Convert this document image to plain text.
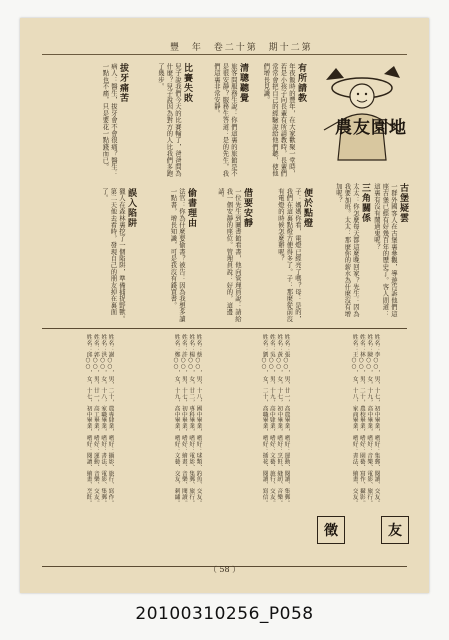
豐 年 卷二十第 期十二第
農友園地
古堡疑雲
一群外國客人在古堡裏參觀，導遊告訴他們這座古堡已經有好幾百年的歷史了。客人問道：這裏有沒有鬧過鬼呢？
三角關係
太太：你怎麼每天都這麼晚回家？先生：因為我要加班。太太：那麼你的薪水為什麼沒有增加呢？
有所請教
年夜飯時的豐年，在大家歡聚一堂時，若是小孩子向長輩有所請教時，長輩們常常會把自己的經驗說給他們聽，使他們增長見識。
便於點燈
子：媽媽你看，電燈已經亮了嗎？母：是的，我們在這裏點燈方便得多了。子：那麼從前沒有電燈的時候怎麼辦呢？
清聰聽覺
旅客問服務生說：你們這裏的旅館是不是很安靜？服務生答道：是的先生，我們這裏非常安靜。
借要安靜
一位先生到圖書館看書，他向管理員說：請給我一個安靜的座位。管理員說：好的，這邊請。
比賽失敗
兒子說我們今天的比賽輸了，爸爸問為什麼？兒子說因為對方的人比我們多跑了幾步。
偷書理由
法官：你為什麼要偷書？被告：因為我想多讀一點書，增長知識，可是我沒有錢買書。
拔牙痛苦
病人：醫生，拔牙會不會很痛？醫生：一點也不痛，只是要花一點錢而已。
誤入陷阱
獵人在森林裏挖了一個陷阱，準備捕捉野獸。第二天他去看時，發現自己的朋友掉在裏面了。
姓名：李○○，男，十七，初中畢業，嗜好：集郵、閱讀、交友。
姓名：陳○○，女，十九，高中畢業，嗜好：音樂、電影、旅行。
姓名：林○○，男，二十，農校畢業，嗜好：園藝、寫作、攝影。
姓名：王○○，女，十八，家商畢業，嗜好：書法、繪畫、交友。
姓名：張○○，男，廿一，高農畢業，嗜好：運動、閱讀、集郵。
姓名：黃○○，女，十七，初中畢業，嗜好：烹飪、縫紉、音樂。
姓名：吳○○，男，十九，高中肄業，嗜好：文藝、旅行、交友。
姓名：劉○○，女，二十，高職畢業，嗜好：插花、閱讀、寫信。
姓名：蔡○○，男，十八，國中畢業，嗜好：球類、釣魚、交友。
姓名：楊○○，女，廿二，專科畢業，嗜好：電影、集郵、旅行。
姓名：許○○，男，十七，初中畢業，嗜好：繪畫、音樂、閱讀。
姓名：鄭○○，女，十九，高中畢業，嗜好：文藝、交友、刺繡。
姓名：謝○○，男，二十，農專肄業，嗜好：攝影、旅行、寫作。
姓名：洪○○，女，十八，家職畢業，嗜好：書法、電影、集郵。
姓名：郭○○，男，廿一，高工畢業，嗜好：運動、音樂、交友。
姓名：邱○○，女，十七，初中畢業，嗜好：閱讀、繪畫、烹飪。
友
徵
（ 58 ）
20100310256_P058
